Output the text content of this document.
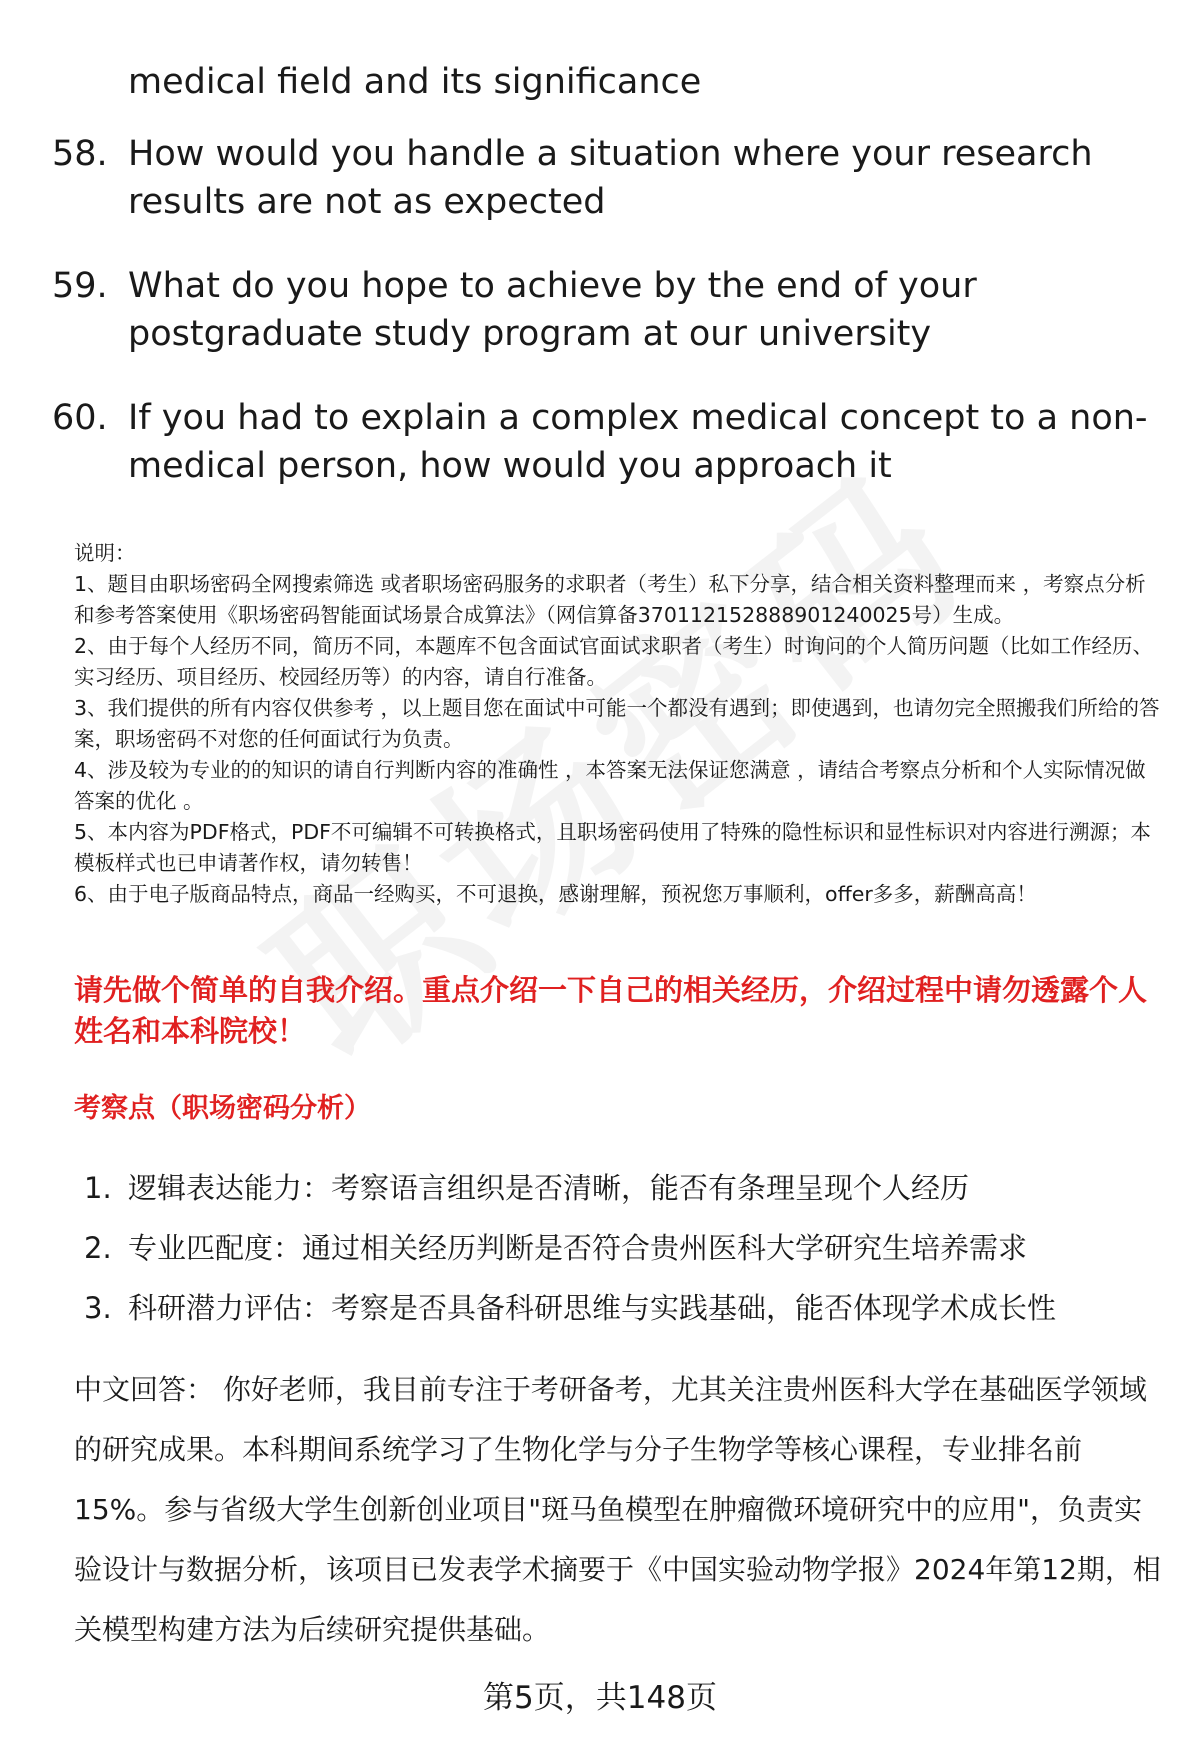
medical field and its significance
58. How would you handle a situation where your research results are not as expected
59. What do you hope to achieve by the end of your postgraduate study program at our university
60. If you had to explain a complex medical concept to a non-medical person, how would you approach it

说明：

1、题目由职场密码全网搜索筛选 或者职场密码服务的求职者（考生）私下分享，结合相关资料整理而来 ，考察点分析和参考答案使用《职场密码智能面试场景合成算法》（网信算备370112152888901240025号）生成。

2、由于每个人经历不同，简历不同，本题库不包含面试官面试求职者（考生）时询问的个人简历问题（比如工作经历、实习经历、项目经历、校园经历等）的内容，请自行准备。

3、我们提供的所有内容仅供参考 ，以上题目您在面试中可能一个都没有遇到；即使遇到，也请勿完全照搬我们所给的答案，职场密码不对您的任何面试行为负责。

4、涉及较为专业的的知识的请自行判断内容的准确性 ，本答案无法保证您满意 ，请结合考察点分析和个人实际情况做答案的优化 。

5、本内容为PDF格式，PDF不可编辑不可转换格式，且职场密码使用了特殊的隐性标识和显性标识对内容进行溯源；本模板样式也已申请著作权，请勿转售！

6、由于电子版商品特点，商品一经购买，不可退换，感谢理解，预祝您万事顺利，offer多多，薪酬高高！

请先做个简单的自我介绍。重点介绍一下自己的相关经历，介绍过程中请勿透露个人姓名和本科院校！
考察点（职场密码分析）
1. 逻辑表达能力：考察语言组织是否清晰，能否有条理呈现个人经历
2. 专业匹配度：通过相关经历判断是否符合贵州医科大学研究生培养需求
3. 科研潜力评估：考察是否具备科研思维与实践基础，能否体现学术成长性

中文回答： 你好老师，我目前专注于考研备考，尤其关注贵州医科大学在基础医学领域的研究成果。本科期间系统学习了生物化学与分子生物学等核心课程，专业排名前15%。参与省级大学生创新创业项目"斑马鱼模型在肿瘤微环境研究中的应用"，负责实验设计与数据分析，该项目已发表学术摘要于《中国实验动物学报》2024年第12期，相关模型构建方法为后续研究提供基础。

第5页，共148页
